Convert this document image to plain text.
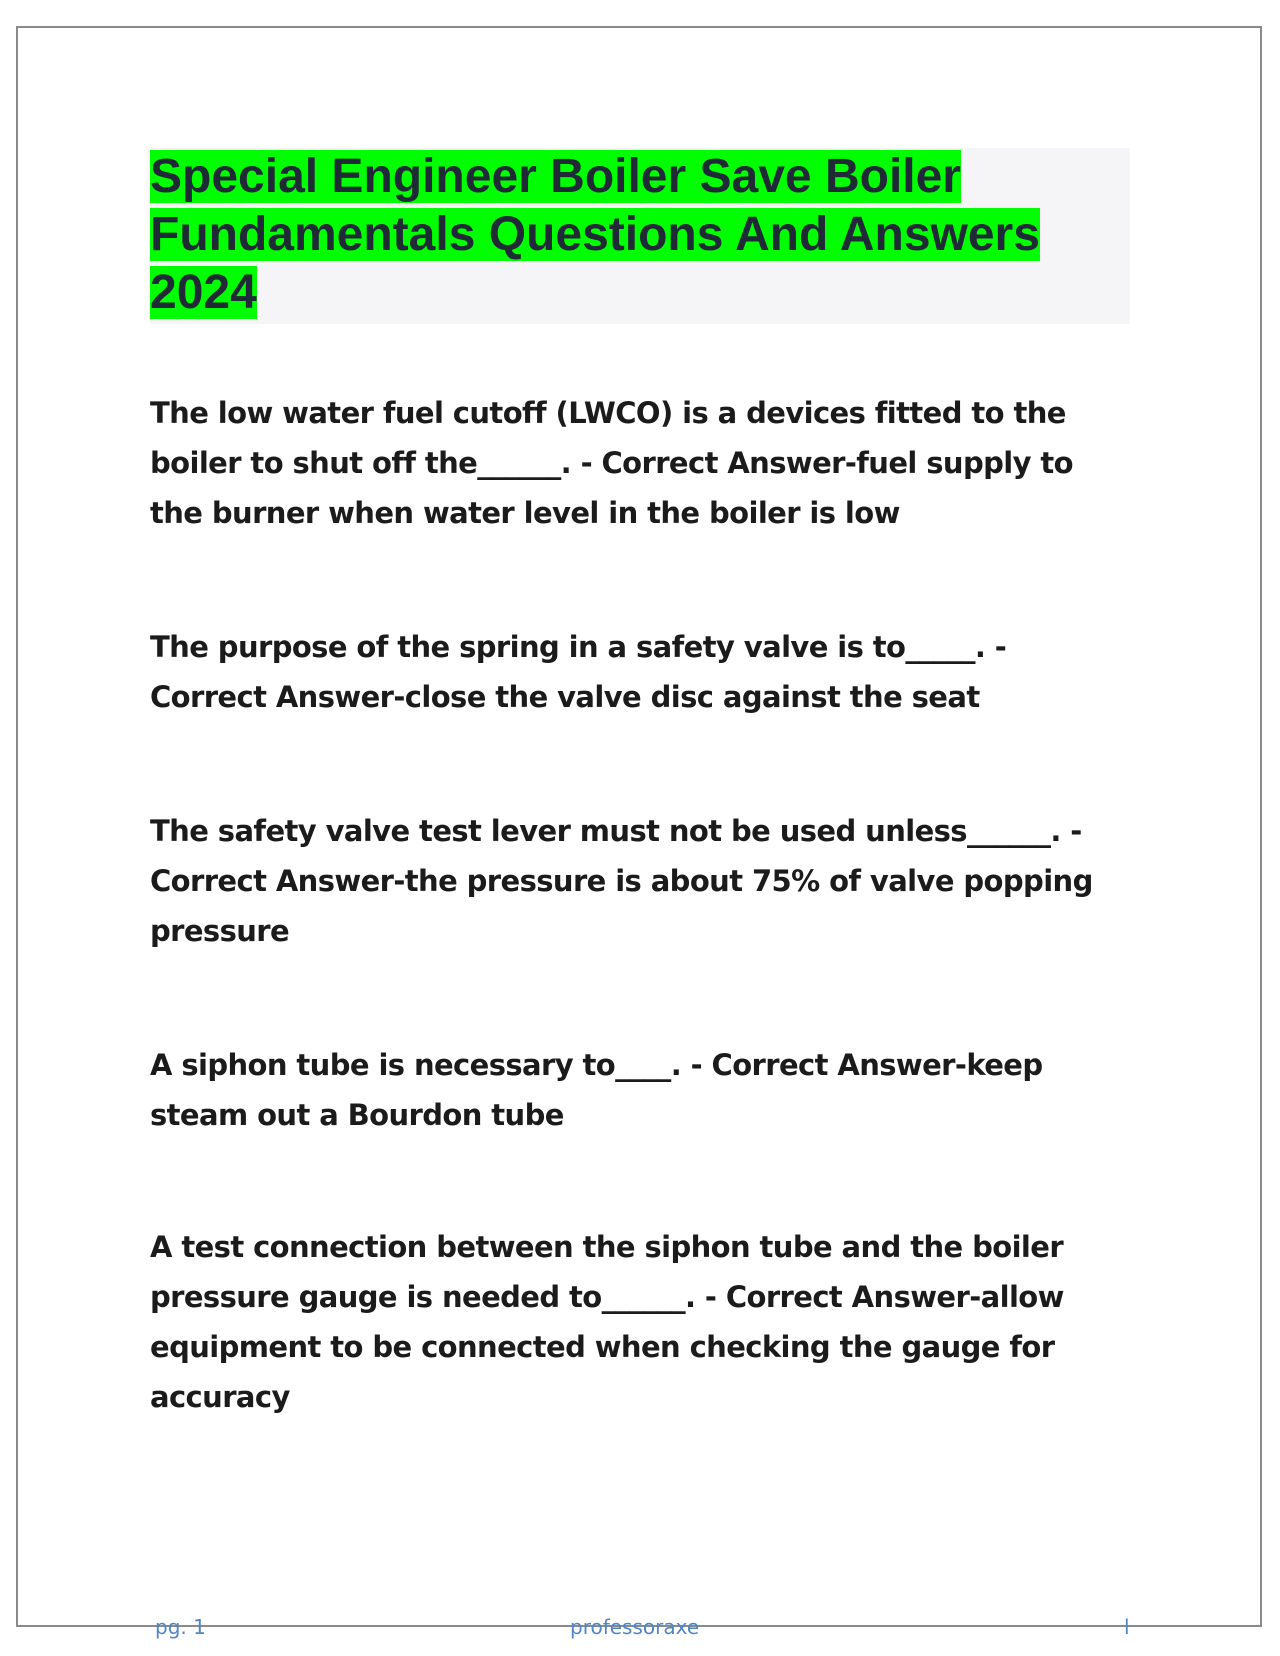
Special Engineer Boiler Save Boiler Fundamentals Questions And Answers 2024

The low water fuel cutoff (LWCO) is a devices fitted to the boiler to shut off the______. - Correct Answer-fuel supply to the burner when water level in the boiler is low

The purpose of the spring in a safety valve is to_____. - Correct Answer-close the valve disc against the seat

The safety valve test lever must not be used unless______. - Correct Answer-the pressure is about 75% of valve popping pressure

A siphon tube is necessary to____. - Correct Answer-keep steam out a Bourdon tube

A test connection between the siphon tube and the boiler pressure gauge is needed to______. - Correct Answer-allow equipment to be connected when checking the gauge for accuracy

pg. 1	professoraxe	l
